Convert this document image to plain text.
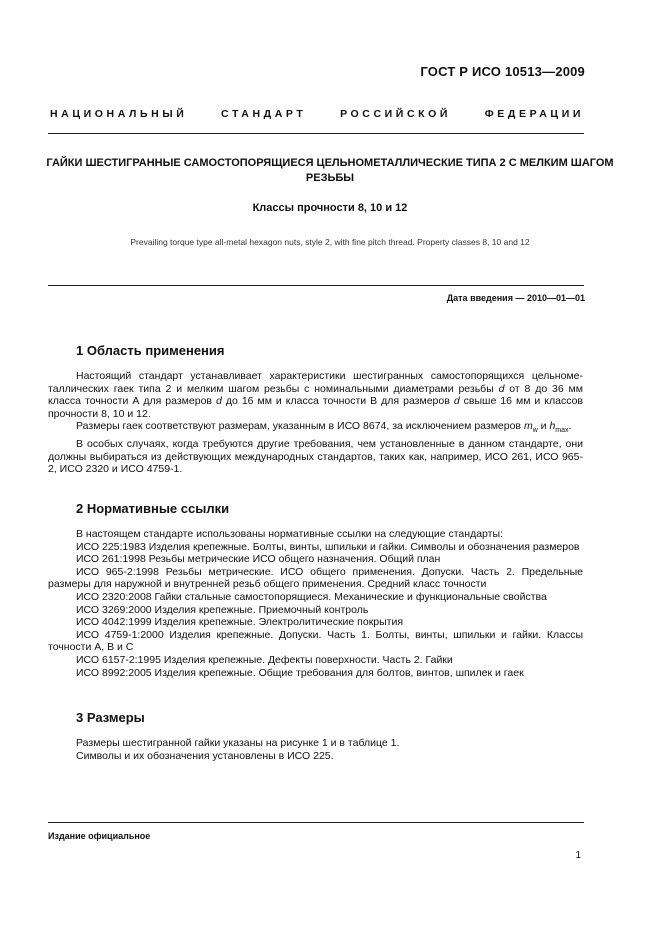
ГОСТ Р ИСО 10513—2009
НАЦИОНАЛЬНЫЙ СТАНДАРТ РОССИЙСКОЙ ФЕДЕРАЦИИ
ГАЙКИ ШЕСТИГРАННЫЕ САМОСТОПОРЯЩИЕСЯ ЦЕЛЬНОМЕТАЛЛИЧЕСКИЕ ТИПА 2 С МЕЛКИМ ШАГОМ РЕЗЬБЫ
Классы прочности 8, 10 и 12
Prevailing torque type all-metal hexagon nuts, style 2, with fine pitch thread. Property classes 8, 10 and 12
Дата введения — 2010—01—01
1 Область применения

Настоящий стандарт устанавливает характеристики шестигранных самостопорящихся цельноме-таллических гаек типа 2 и мелким шагом резьбы с номинальными диаметрами резьбы d от 8 до 36 мм класса точности А для размеров d до 16 мм и класса точности В для размеров d свыше 16 мм и классов прочности 8, 10 и 12.

Размеры гаек соответствуют размерам, указанным в ИСО 8674, за исключением размеров $m_w$ и $h_{max}$.

В особых случаях, когда требуются другие требования, чем установленные в данном стандарте, они должны выбираться из действующих международных стандартов, таких как, например, ИСО 261, ИСО 965-2, ИСО 2320 и ИСО 4759-1.

2 Нормативные ссылки

В настоящем стандарте использованы нормативные ссылки на следующие стандарты:

ИСО 225:1983 Изделия крепежные. Болты, винты, шпильки и гайки. Символы и обозначения размеров

ИСО 261:1998 Резьбы метрические ИСО общего назначения. Общий план

ИСО 965-2:1998 Резьбы метрические. ИСО общего применения. Допуски. Часть 2. Предельные размеры для наружной и внутренней резьб общего применения. Средний класс точности

ИСО 2320:2008 Гайки стальные самостопорящиеся. Механические и функциональные свойства

ИСО 3269:2000 Изделия крепежные. Приемочный контроль

ИСО 4042:1999 Изделия крепежные. Электролитические покрытия

ИСО 4759-1:2000 Изделия крепежные. Допуски. Часть 1. Болты, винты, шпильки и гайки. Классы точности А, В и С

ИСО 6157-2:1995 Изделия крепежные. Дефекты поверхности. Часть 2. Гайки

ИСО 8992:2005 Изделия крепежные. Общие требования для болтов, винтов, шпилек и гаек

3 Размеры

Размеры шестигранной гайки указаны на рисунке 1 и в таблице 1.

Символы и их обозначения установлены в ИСО 225.

Издание официальное
1
